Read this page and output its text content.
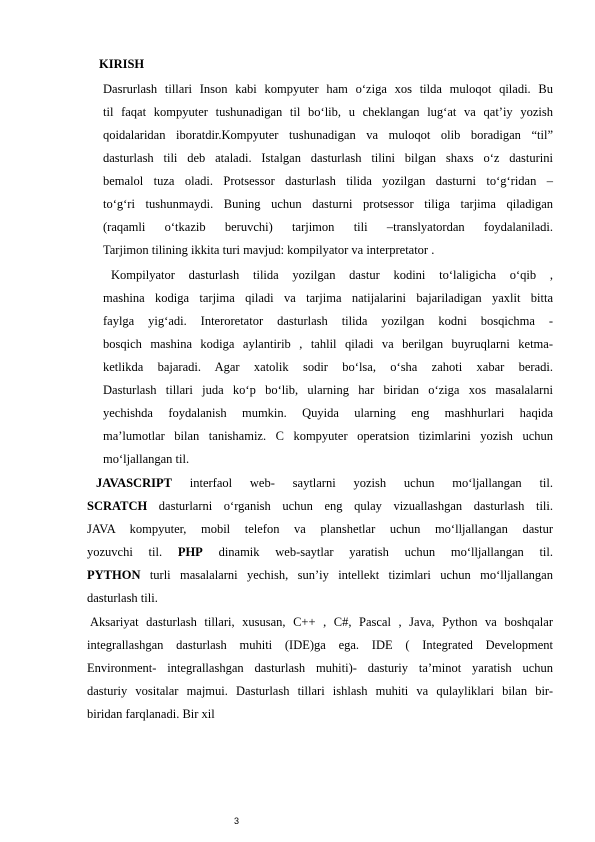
KIRISH
Dasrurlash tillari Inson kabi kompyuter ham o‘ziga xos tilda muloqot qiladi. Bu
til faqat kompyuter tushunadigan til bo‘lib, u cheklangan lug‘at va qat’iy yozish
qoidalaridan iboratdir.Kompyuter tushunadigan va muloqot olib boradigan “til”
dasturlash tili deb ataladi. Istalgan dasturlash tilini bilgan shaxs o‘z dasturini
bemalol tuza oladi. Protsessor dasturlash tilida yozilgan dasturni to‘g‘ridan –
to‘g‘ri tushunmaydi. Buning uchun dasturni protsessor tiliga tarjima qiladigan
(raqamli o‘tkazib beruvchi) tarjimon tili –translyatordan foydalaniladi.
Tarjimon tilining ikkita turi mavjud: kompilyator va interpretator .
Kompilyator dasturlash tilida yozilgan dastur kodini to‘laligicha o‘qib ,
mashina kodiga tarjima qiladi va tarjima natijalarini bajariladigan yaxlit bitta
faylga yig‘adi. Interoretator dasturlash tilida yozilgan kodni bosqichma -
bosqich mashina kodiga aylantirib , tahlil qiladi va berilgan buyruqlarni ketma-
ketlikda bajaradi. Agar xatolik sodir bo‘lsa, o‘sha zahoti xabar beradi.
Dasturlash tillari juda ko‘p bo‘lib, ularning har biridan o‘ziga xos masalalarni
yechishda foydalanish mumkin. Quyida ularning eng mashhurlari haqida
ma’lumotlar bilan tanishamiz. C kompyuter operatsion tizimlarini yozish uchun
mo‘ljallangan til.
JAVASCRIPT interfaol web- saytlarni yozish uchun mo‘ljallangan til.
SCRATCH dasturlarni o‘rganish uchun eng qulay vizuallashgan dasturlash tili.
JAVA kompyuter, mobil telefon va planshetlar uchun mo‘lljallangan dastur
yozuvchi til. PHP dinamik web-saytlar yaratish uchun mo‘lljallangan til.
PYTHON turli masalalarni yechish, sun’iy intellekt tizimlari uchun mo‘lljallangan
dasturlash tili.
Aksariyat dasturlash tillari, xususan, C++ , C#, Pascal , Java, Python va boshqalar
integrallashgan dasturlash muhiti (IDE)ga ega. IDE ( Integrated Development
Environment- integrallashgan dasturlash muhiti)- dasturiy ta’minot yaratish uchun
dasturiy vositalar majmui. Dasturlash tillari ishlash muhiti va qulayliklari bilan bir-
biridan farqlanadi. Bir xil
3
